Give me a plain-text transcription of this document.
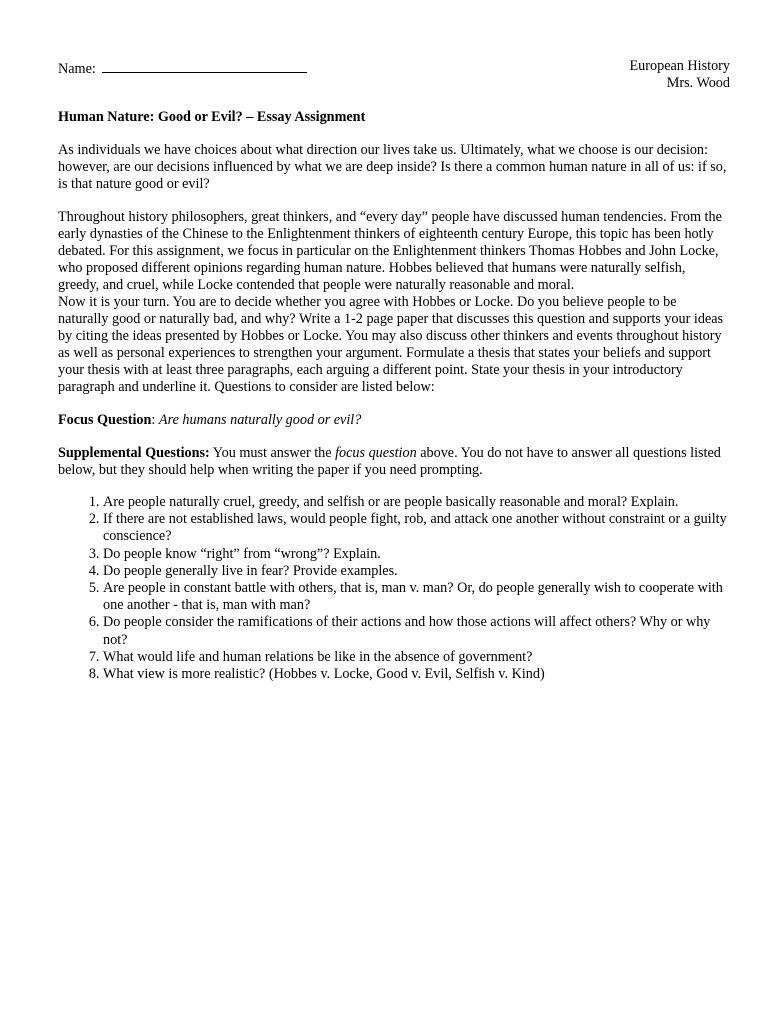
Name:	European History
Mrs. Wood
Human Nature: Good or Evil? – Essay Assignment

As individuals we have choices about what direction our lives take us. Ultimately, what we choose is our decision: however, are our decisions influenced by what we are deep inside? Is there a common human nature in all of us: if so, is that nature good or evil?

Throughout history philosophers, great thinkers, and “every day” people have discussed human tendencies. From the early dynasties of the Chinese to the Enlightenment thinkers of eighteenth century Europe, this topic has been hotly debated. For this assignment, we focus in particular on the Enlightenment thinkers Thomas Hobbes and John Locke, who proposed different opinions regarding human nature. Hobbes believed that humans were naturally selfish, greedy, and cruel, while Locke contended that people were naturally reasonable and moral.

Now it is your turn. You are to decide whether you agree with Hobbes or Locke. Do you believe people to be naturally good or naturally bad, and why? Write a 1-2 page paper that discusses this question and supports your ideas by citing the ideas presented by Hobbes or Locke. You may also discuss other thinkers and events throughout history as well as personal experiences to strengthen your argument. Formulate a thesis that states your beliefs and support your thesis with at least three paragraphs, each arguing a different point. State your thesis in your introductory paragraph and underline it. Questions to consider are listed below:

Focus Question: Are humans naturally good or evil?

Supplemental Questions: You must answer the focus question above. You do not have to answer all questions listed below, but they should help when writing the paper if you need prompting.

1. Are people naturally cruel, greedy, and selfish or are people basically reasonable and moral? Explain.
2. If there are not established laws, would people fight, rob, and attack one another without constraint or a guilty conscience?
3. Do people know “right” from “wrong”? Explain.
4. Do people generally live in fear? Provide examples.
5. Are people in constant battle with others, that is, man v. man? Or, do people generally wish to cooperate with one another - that is, man with man?
6. Do people consider the ramifications of their actions and how those actions will affect others? Why or why not?
7. What would life and human relations be like in the absence of government?
8. What view is more realistic? (Hobbes v. Locke, Good v. Evil, Selfish v. Kind)
